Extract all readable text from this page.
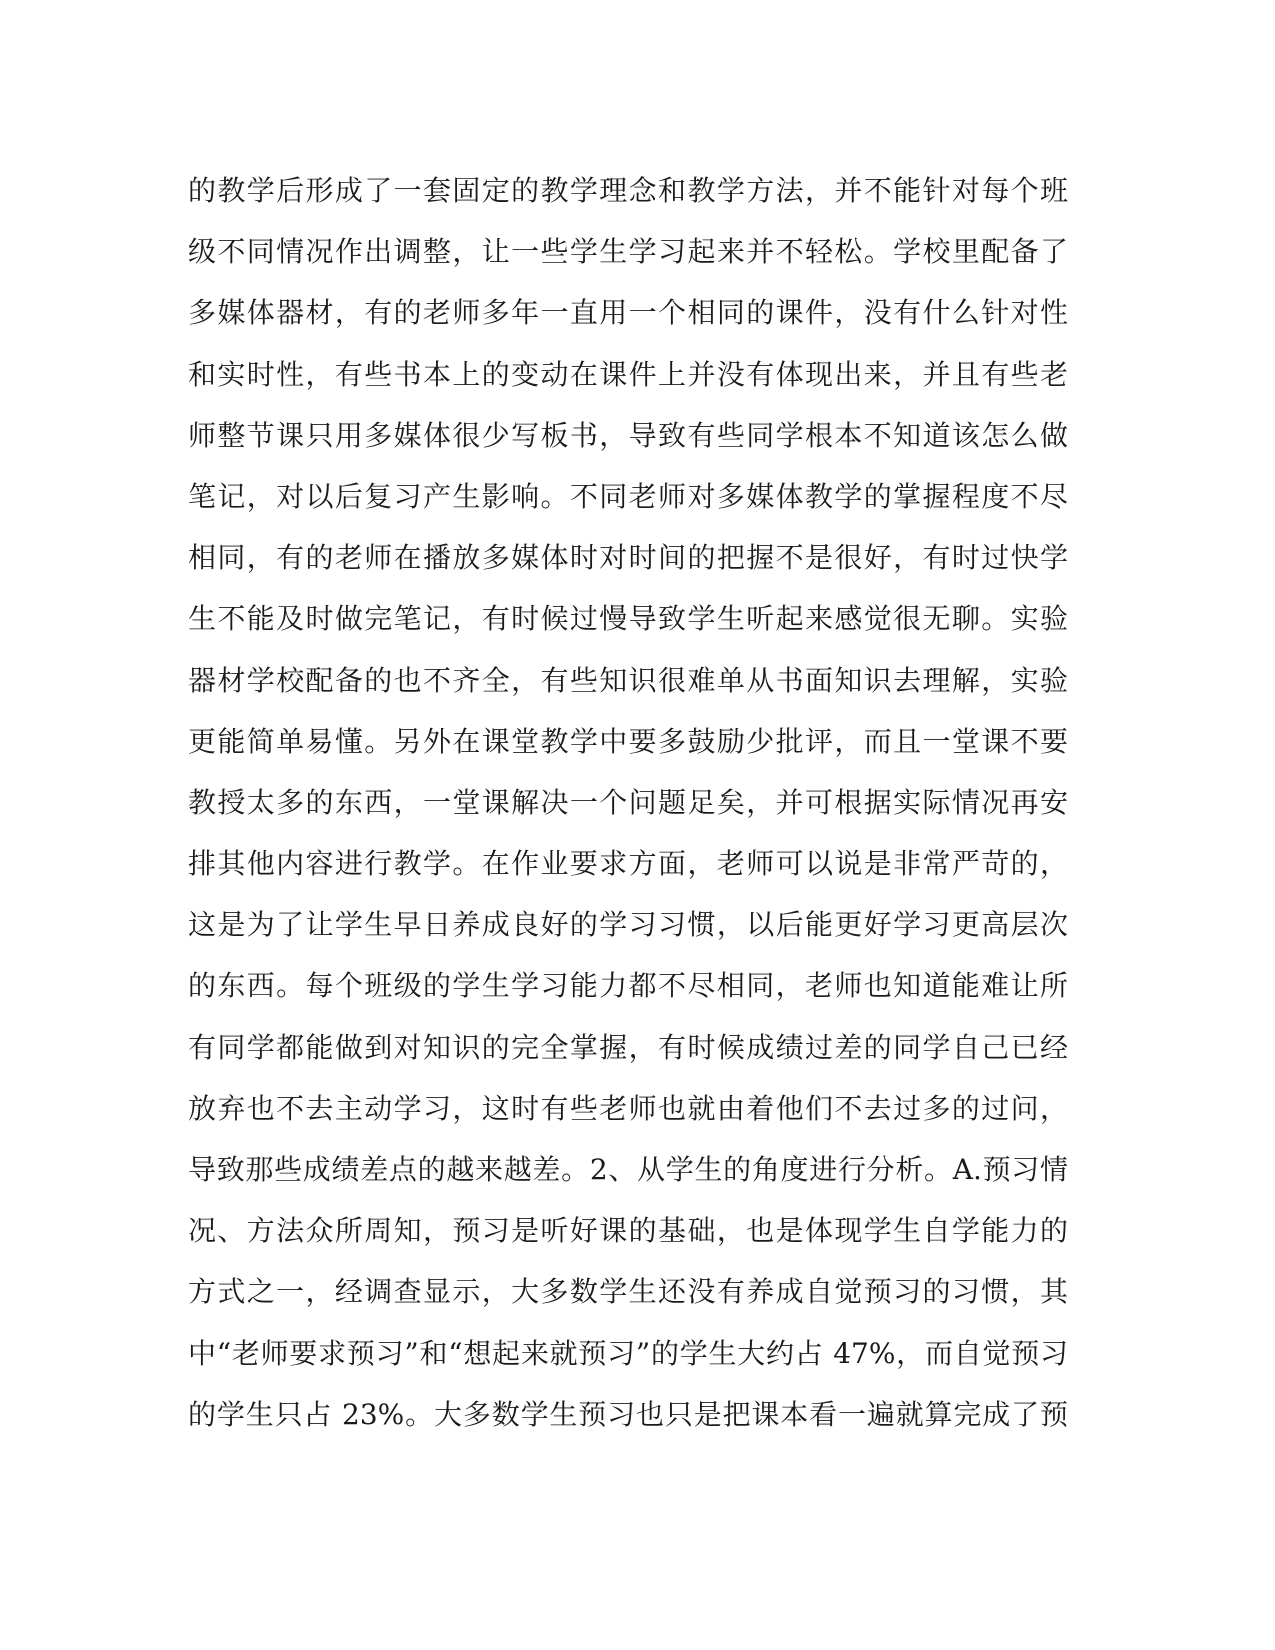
的教学后形成了一套固定的教学理念和教学方法，并不能针对每个班
级不同情况作出调整，让一些学生学习起来并不轻松。学校里配备了
多媒体器材，有的老师多年一直用一个相同的课件，没有什么针对性
和实时性，有些书本上的变动在课件上并没有体现出来，并且有些老
师整节课只用多媒体很少写板书，导致有些同学根本不知道该怎么做
笔记，对以后复习产生影响。不同老师对多媒体教学的掌握程度不尽
相同，有的老师在播放多媒体时对时间的把握不是很好，有时过快学
生不能及时做完笔记，有时候过慢导致学生听起来感觉很无聊。实验
器材学校配备的也不齐全，有些知识很难单从书面知识去理解，实验
更能简单易懂。另外在课堂教学中要多鼓励少批评，而且一堂课不要
教授太多的东西，一堂课解决一个问题足矣，并可根据实际情况再安
排其他内容进行教学。在作业要求方面，老师可以说是非常严苛的，
这是为了让学生早日养成良好的学习习惯，以后能更好学习更高层次
的东西。每个班级的学生学习能力都不尽相同，老师也知道能难让所
有同学都能做到对知识的完全掌握，有时候成绩过差的同学自己已经
放弃也不去主动学习，这时有些老师也就由着他们不去过多的过问，
导致那些成绩差点的越来越差。2、从学生的角度进行分析。A.预习情
况、方法众所周知，预习是听好课的基础，也是体现学生自学能力的
方式之一，经调查显示，大多数学生还没有养成自觉预习的习惯，其
中“老师要求预习”和“想起来就预习”的学生大约占 47%，而自觉预习
的学生只占 23%。大多数学生预习也只是把课本看一遍就算完成了预
